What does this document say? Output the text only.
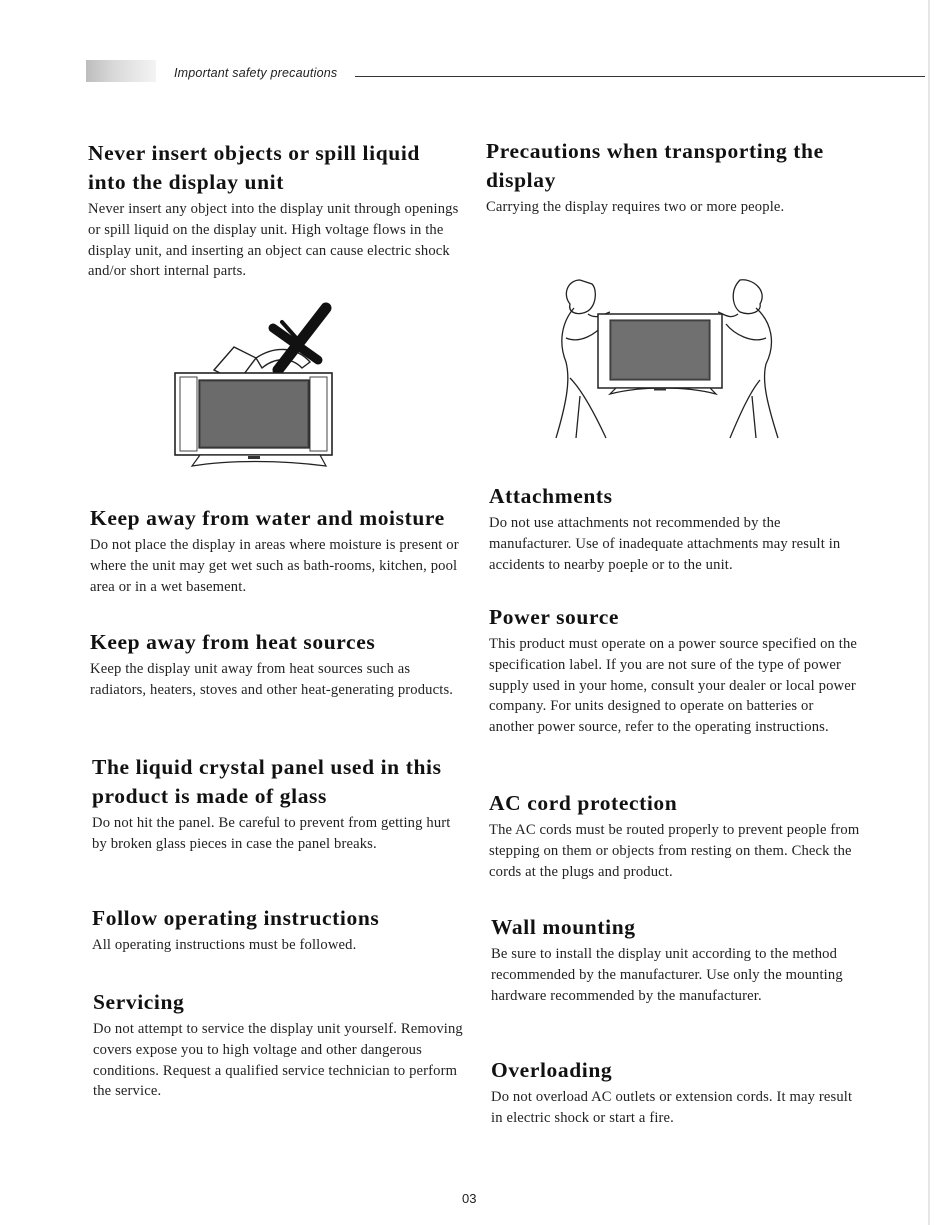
Important safety precautions
Never insert objects or spill liquid into the display unit

Never insert any object into the display unit through openings or spill liquid on the display unit. High voltage flows in the display unit, and inserting an object can cause electric shock and/or short internal parts.

Keep away from water and moisture

Do not place the display in areas where moisture is present or where the unit may get wet such as bath-rooms, kitchen, pool area or in a wet basement.

Keep away from heat sources

Keep the display unit away from heat sources such as radiators, heaters, stoves and other heat-generating products.

The liquid crystal panel used in this product is made of glass

Do not hit the panel. Be careful to prevent from getting hurt by broken glass pieces in case the panel breaks.

Follow operating instructions

All operating instructions must be followed.

Servicing

Do not attempt to service the display unit yourself. Removing covers expose you to high voltage and other dangerous conditions. Request a qualified service technician to perform the service.

Precautions when transporting the display

Carrying the display requires two or more people.

Attachments

Do not use attachments not recommended by the manufacturer. Use of inadequate attachments may result in accidents to nearby poeple or to the unit.

Power source

This product must operate on a power source specified on the specification label. If you are not sure of the type of power supply used in your home, consult your dealer or local power company. For units designed to operate on batteries or another power source, refer to the operating instructions.

AC cord protection

The AC cords must be routed properly to prevent people from stepping on them or objects from resting on them. Check the cords at the plugs and product.

Wall mounting

Be sure to install the display unit according to the method recommended by the manufacturer. Use only the mounting hardware recommended by the manufacturer.

Overloading

Do not overload AC outlets or extension cords. It may result in electric shock or start a fire.

03
